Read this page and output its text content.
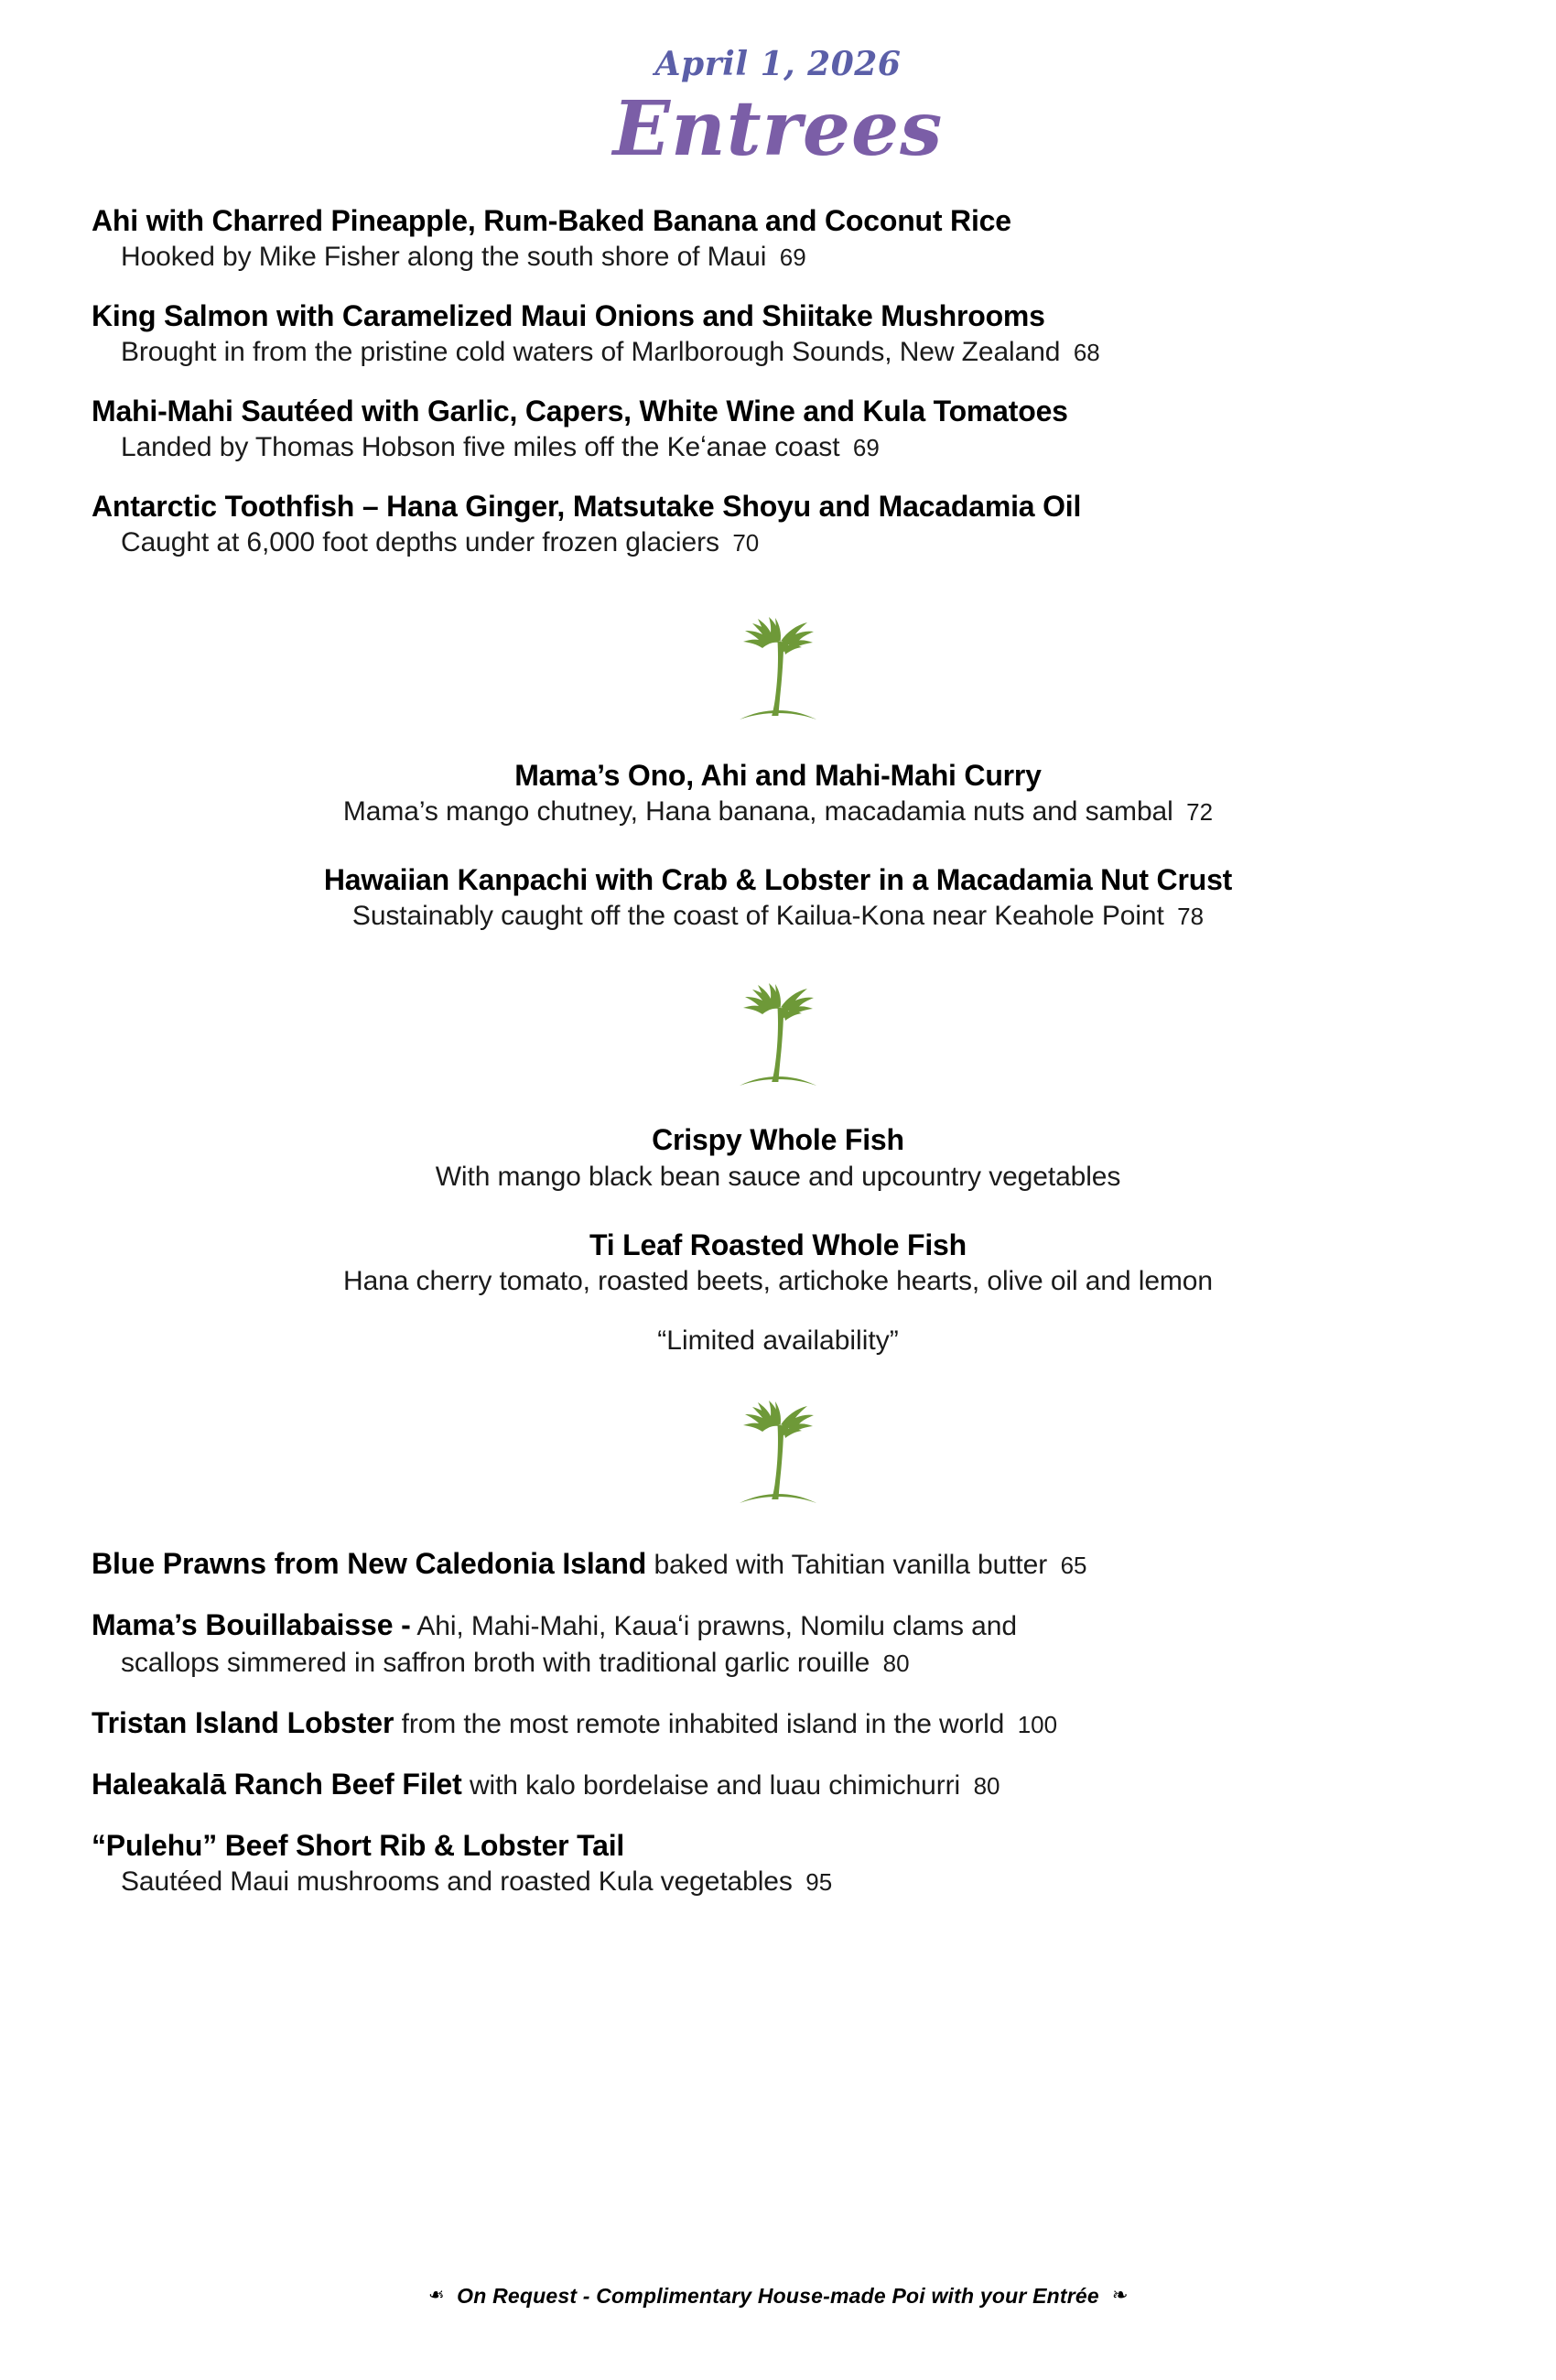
April 1, 2026
Entrees
Ahi with Charred Pineapple, Rum-Baked Banana and Coconut Rice
Hooked by Mike Fisher along the south shore of Maui 69
King Salmon with Caramelized Maui Onions and Shiitake Mushrooms
Brought in from the pristine cold waters of Marlborough Sounds, New Zealand 68
Mahi-Mahi Sautéed with Garlic, Capers, White Wine and Kula Tomatoes
Landed by Thomas Hobson five miles off the Keʻanae coast 69
Antarctic Toothfish – Hana Ginger, Matsutake Shoyu and Macadamia Oil
Caught at 6,000 foot depths under frozen glaciers 70
Mama’s Ono, Ahi and Mahi-Mahi Curry
Mama’s mango chutney, Hana banana, macadamia nuts and sambal 72
Hawaiian Kanpachi with Crab & Lobster in a Macadamia Nut Crust
Sustainably caught off the coast of Kailua-Kona near Keahole Point 78
Crispy Whole Fish
With mango black bean sauce and upcountry vegetables
Ti Leaf Roasted Whole Fish
Hana cherry tomato, roasted beets, artichoke hearts, olive oil and lemon
“Limited availability”
Blue Prawns from New Caledonia Island baked with Tahitian vanilla butter 65
Mama’s Bouillabaisse - Ahi, Mahi-Mahi, Kauaʻi prawns, Nomilu clams and
scallops simmered in saffron broth with traditional garlic rouille 80
Tristan Island Lobster from the most remote inhabited island in the world 100
Haleakalā Ranch Beef Filet with kalo bordelaise and luau chimichurri 80
“Pulehu” Beef Short Rib & Lobster Tail
Sautéed Maui mushrooms and roasted Kula vegetables 95
❧ On Request - Complimentary House-made Poi with your Entrée ❧
